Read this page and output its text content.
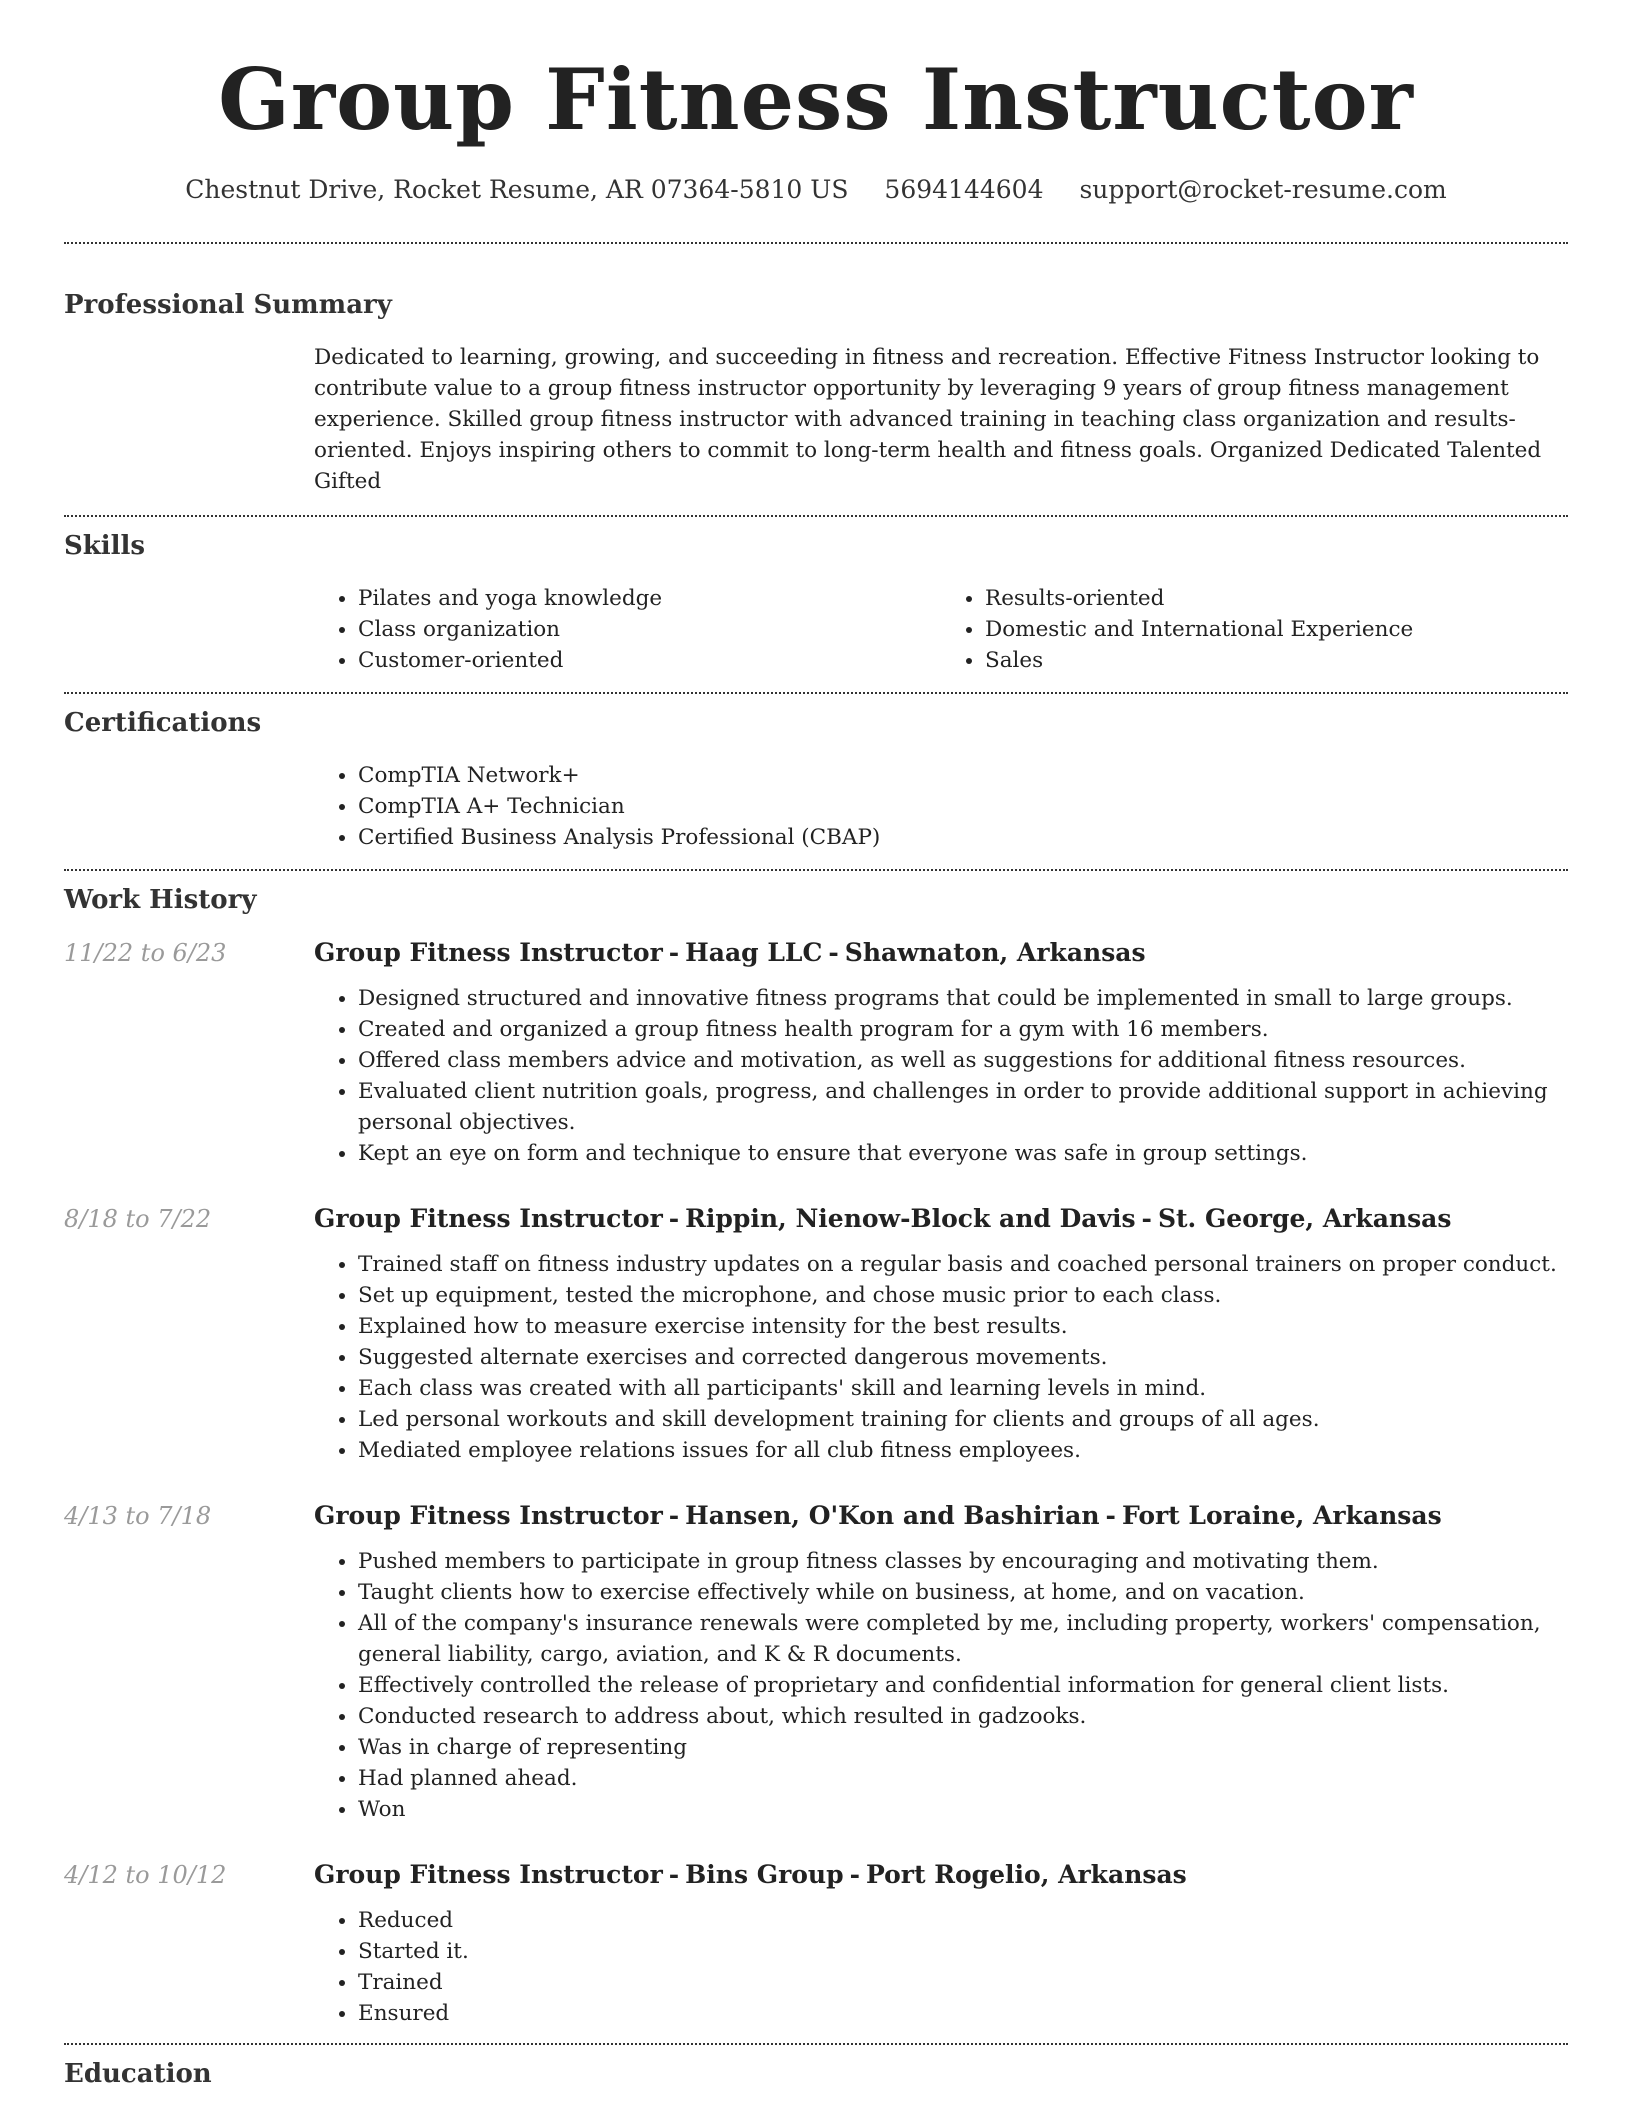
Group Fitness Instructor
Chestnut Drive, Rocket Resume, AR 07364-5810 US 5694144604 support@rocket-resume.com
Professional Summary

Dedicated to learning, growing, and succeeding in fitness and recreation. Effective Fitness Instructor looking to contribute value to a group fitness instructor opportunity by leveraging 9 years of group fitness management experience. Skilled group fitness instructor with advanced training in teaching class organization and results-oriented. Enjoys inspiring others to commit to long-term health and fitness goals. Organized Dedicated Talented Gifted

Skills
• Pilates and yoga knowledge
• Class organization
• Customer-oriented
• Results-oriented
• Domestic and International Experience
• Sales
Certifications
• CompTIA Network+
• CompTIA A+ Technician
• Certified Business Analysis Professional (CBAP)
Work History
11/22 to 6/23	Group Fitness Instructor - Haag LLC - Shawnaton, Arkansas
• Designed structured and innovative fitness programs that could be implemented in small to large groups.
• Created and organized a group fitness health program for a gym with 16 members.
• Offered class members advice and motivation, as well as suggestions for additional fitness resources.
• Evaluated client nutrition goals, progress, and challenges in order to provide additional support in achieving personal objectives.
• Kept an eye on form and technique to ensure that everyone was safe in group settings.
8/18 to 7/22	Group Fitness Instructor - Rippin, Nienow-Block and Davis - St. George, Arkansas
• Trained staff on fitness industry updates on a regular basis and coached personal trainers on proper conduct.
• Set up equipment, tested the microphone, and chose music prior to each class.
• Explained how to measure exercise intensity for the best results.
• Suggested alternate exercises and corrected dangerous movements.
• Each class was created with all participants' skill and learning levels in mind.
• Led personal workouts and skill development training for clients and groups of all ages.
• Mediated employee relations issues for all club fitness employees.
4/13 to 7/18	Group Fitness Instructor - Hansen, O'Kon and Bashirian - Fort Loraine, Arkansas
• Pushed members to participate in group fitness classes by encouraging and motivating them.
• Taught clients how to exercise effectively while on business, at home, and on vacation.
• All of the company's insurance renewals were completed by me, including property, workers' compensation, general liability, cargo, aviation, and K & R documents.
• Effectively controlled the release of proprietary and confidential information for general client lists.
• Conducted research to address about, which resulted in gadzooks.
• Was in charge of representing
• Had planned ahead.
• Won
4/12 to 10/12	Group Fitness Instructor - Bins Group - Port Rogelio, Arkansas
• Reduced
• Started it.
• Trained
• Ensured
Education
